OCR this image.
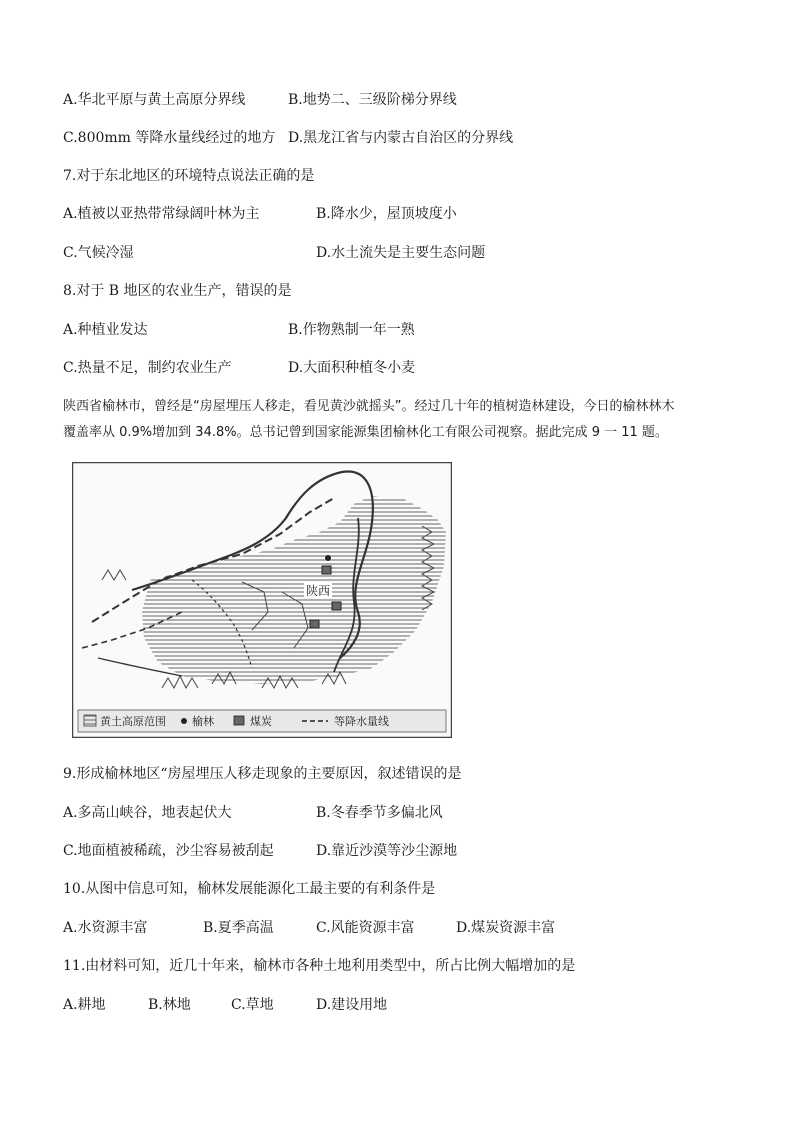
A.华北平原与黄土高原分界线	B.地势二、三级阶梯分界线
C.800mm 等降水量线经过的地方 D.黑龙江省与内蒙古自治区的分界线
7.对于东北地区的环境特点说法正确的是
A.植被以亚热带常绿阔叶林为主	B.降水少，屋顶坡度小
C.气候冷湿	D.水土流失是主要生态问题
8.对于 B 地区的农业生产，错误的是
A.种植业发达	B.作物熟制一年一熟
C.热量不足，制约农业生产	D.大面积种植冬小麦
陕西省榆林市，曾经是“房屋埋压人移走，看见黄沙就摇头”。经过几十年的植树造林建设，今日的榆林林木
覆盖率从 0.9%增加到 34.8%。总书记曾到国家能源集团榆林化工有限公司视察。据此完成 9 一 11 题。
陕西
黄土高原范围 榆林	煤炭	等降水量线
9.形成榆林地区“房屋埋压人移走现象的主要原因，叙述错误的是
A.多高山峡谷，地表起伏大	B.冬春季节多偏北风
C.地面植被稀疏，沙尘容易被刮起	D.靠近沙漠等沙尘源地
10.从图中信息可知，榆林发展能源化工最主要的有利条件是
A.水资源丰富	B.夏季高温	C.风能资源丰富	D.煤炭资源丰富
11.由材料可知，近几十年来，榆林市各种土地利用类型中，所占比例大幅增加的是
A.耕地	B.林地	C.草地	D.建设用地
